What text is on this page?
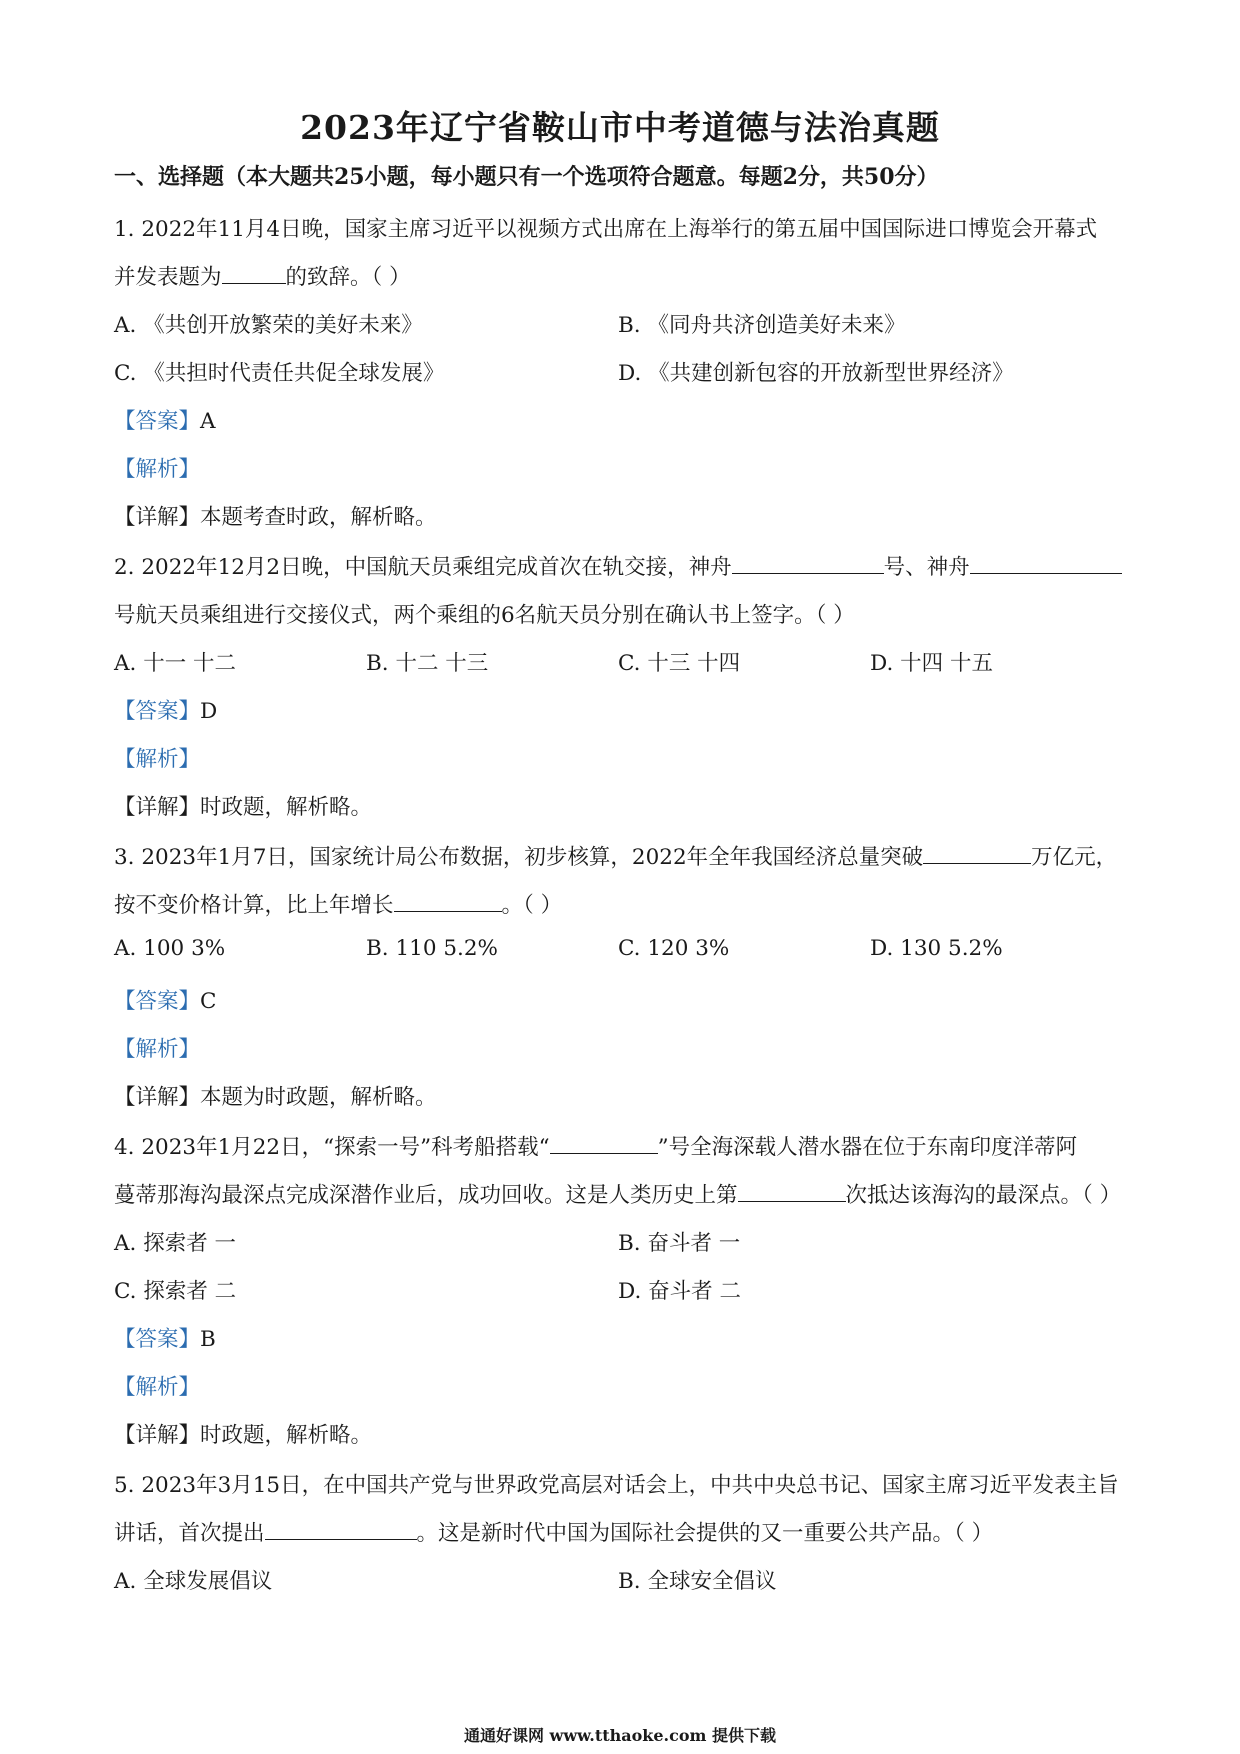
2023年辽宁省鞍山市中考道德与法治真题
一、选择题（本大题共25小题，每小题只有一个选项符合题意。每题2分，共50分）
1. 2022年11月4日晚，国家主席习近平以视频方式出席在上海举行的第五届中国国际进口博览会开幕式
并发表题为	的致辞。（ ）
A. 《共创开放繁荣的美好未来》	B. 《同舟共济创造美好未来》
C. 《共担时代责任共促全球发展》	D. 《共建创新包容的开放新型世界经济》
【答案】A
【解析】
【详解】本题考查时政，解析略。
2. 2022年12月2日晚，中国航天员乘组完成首次在轨交接，神舟	号、神舟
号航天员乘组进行交接仪式，两个乘组的6名航天员分别在确认书上签字。（ ）
A. 十一 十二	B. 十二 十三	C. 十三 十四	D. 十四 十五
【答案】D
【解析】
【详解】时政题，解析略。
3. 2023年1月7日，国家统计局公布数据，初步核算，2022年全年我国经济总量突破	万亿元，
按不变价格计算，比上年增长	。（ ）
A. 100 3%	B. 110 5.2%	C. 120 3%	D. 130 5.2%
【答案】C
【解析】
【详解】本题为时政题，解析略。
4. 2023年1月22日，“探索一号”科考船搭载“	”号全海深载人潜水器在位于东南印度洋蒂阿
蔓蒂那海沟最深点完成深潜作业后，成功回收。这是人类历史上第	次抵达该海沟的最深点。（ ）
A. 探索者 一	B. 奋斗者 一
C. 探索者 二	D. 奋斗者 二
【答案】B
【解析】
【详解】时政题，解析略。
5. 2023年3月15日，在中国共产党与世界政党高层对话会上，中共中央总书记、国家主席习近平发表主旨
讲话，首次提出	。这是新时代中国为国际社会提供的又一重要公共产品。（ ）
A. 全球发展倡议	B. 全球安全倡议
通通好课网 www.tthaoke.com 提供下载
